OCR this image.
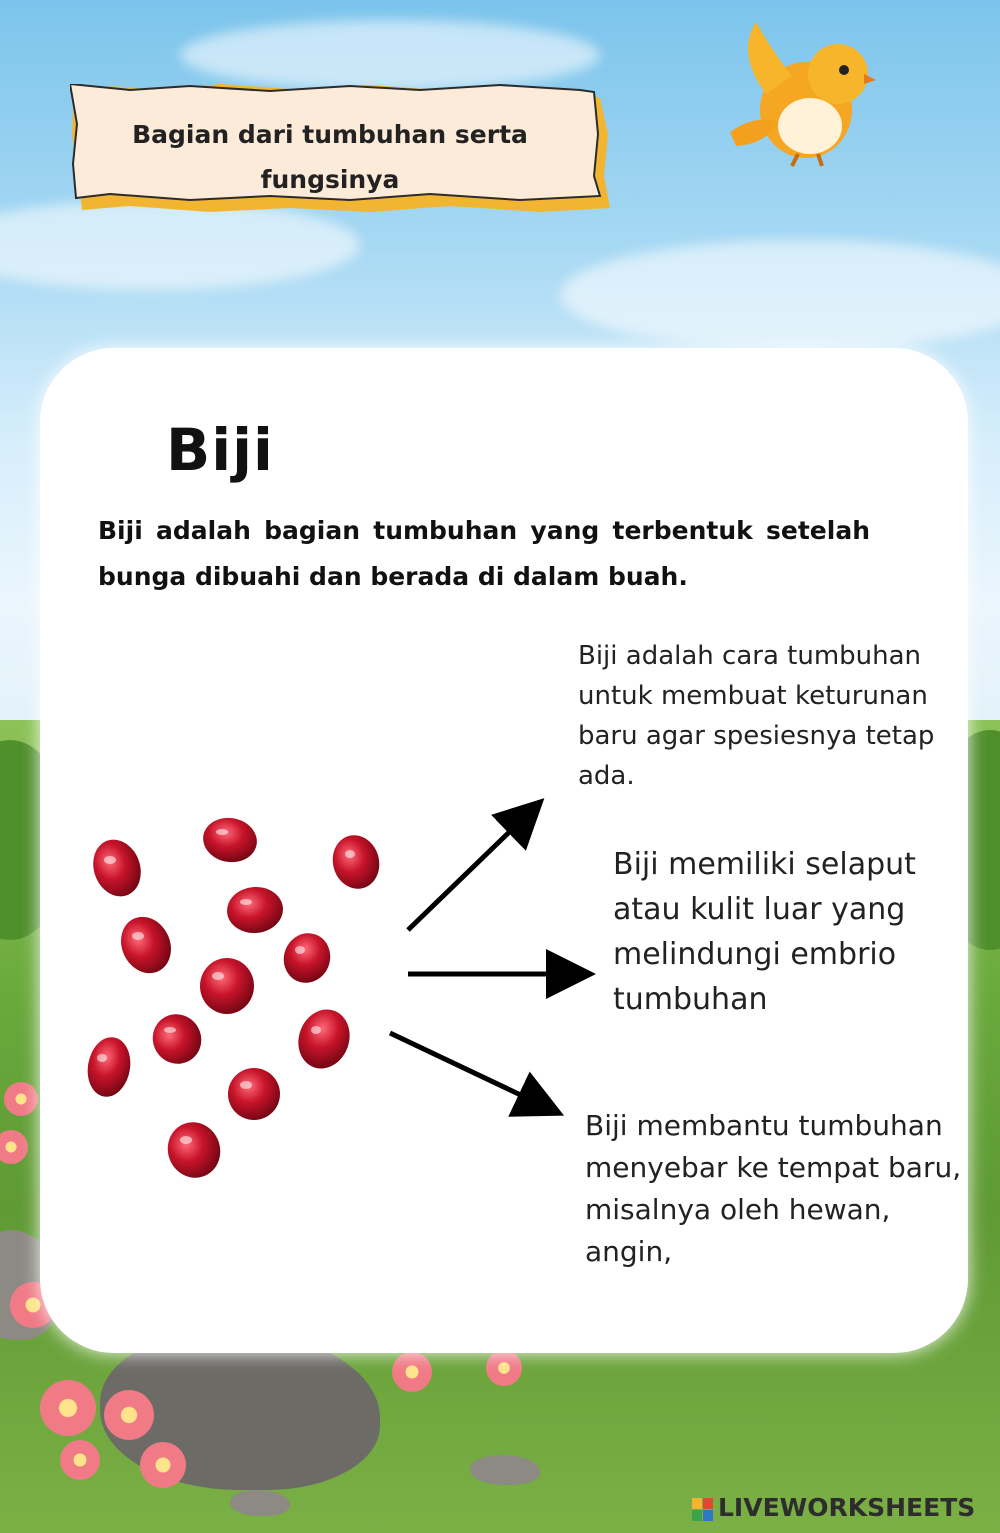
Bagian dari tumbuhan serta fungsinya
Biji
Biji adalah bagian tumbuhan yang terbentuk setelah bunga dibuahi dan berada di dalam buah.
Biji adalah cara tumbuhan untuk membuat keturunan baru agar spesiesnya tetap ada.
Biji memiliki selaput atau kulit luar yang melindungi embrio tumbuhan
Biji membantu tumbuhan menyebar ke tempat baru, misalnya oleh hewan, angin,
LIVEWORKSHEETS
